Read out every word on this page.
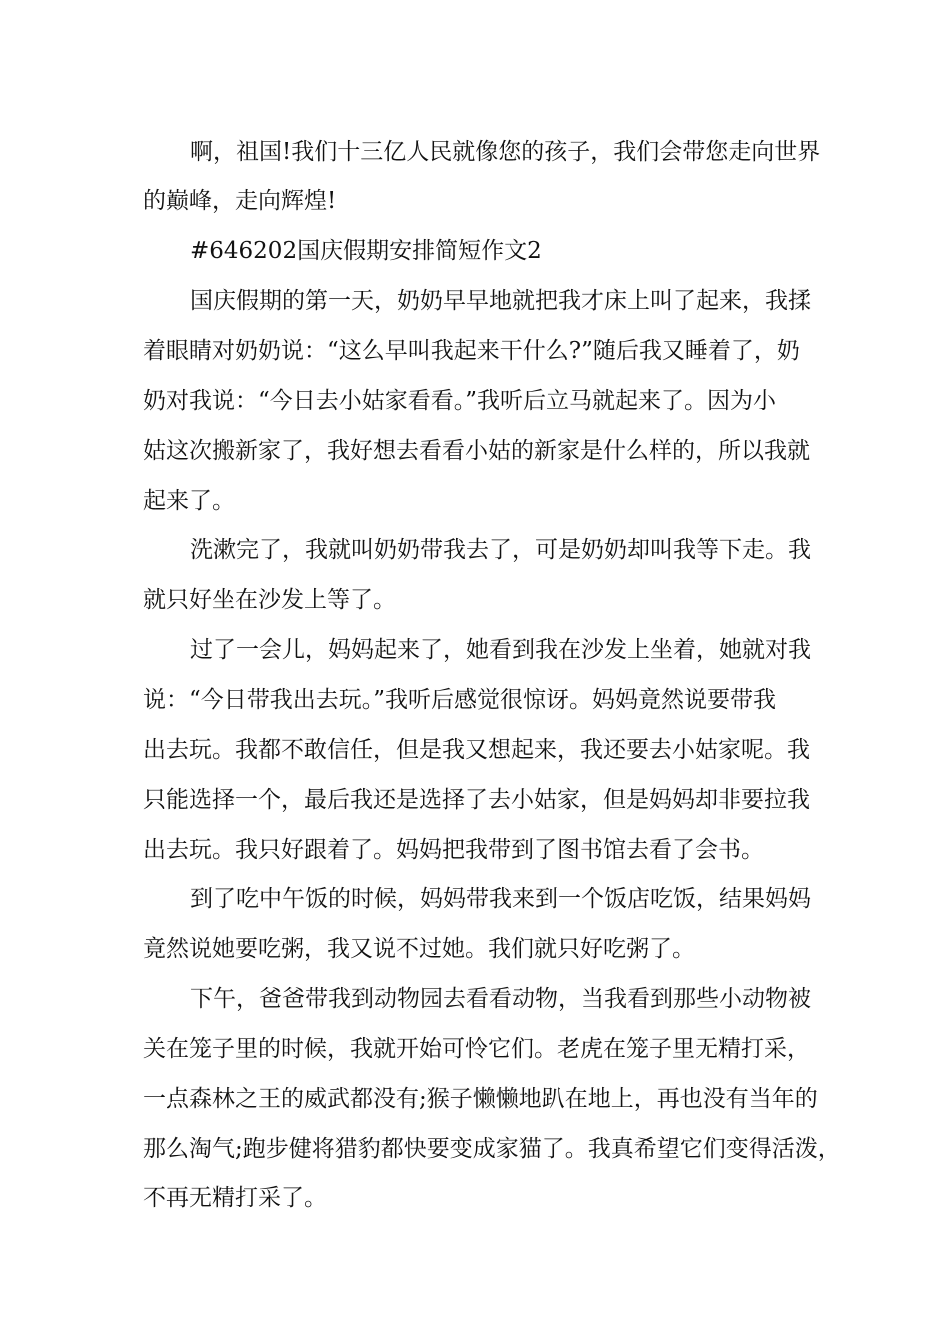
啊，祖国!我们十三亿人民就像您的孩子，我们会带您走向世界
的巅峰，走向辉煌!
#646202国庆假期安排简短作文2
国庆假期的第一天，奶奶早早地就把我才床上叫了起来，我揉
着眼睛对奶奶说：“这么早叫我起来干什么?”随后我又睡着了，奶
奶对我说：“今日去小姑家看看。”我听后立马就起来了。因为小
姑这次搬新家了，我好想去看看小姑的新家是什么样的，所以我就
起来了。
洗漱完了，我就叫奶奶带我去了，可是奶奶却叫我等下走。我
就只好坐在沙发上等了。
过了一会儿，妈妈起来了，她看到我在沙发上坐着，她就对我
说：“今日带我出去玩。”我听后感觉很惊讶。妈妈竟然说要带我
出去玩。我都不敢信任，但是我又想起来，我还要去小姑家呢。我
只能选择一个，最后我还是选择了去小姑家，但是妈妈却非要拉我
出去玩。我只好跟着了。妈妈把我带到了图书馆去看了会书。
到了吃中午饭的时候，妈妈带我来到一个饭店吃饭，结果妈妈
竟然说她要吃粥，我又说不过她。我们就只好吃粥了。
下午，爸爸带我到动物园去看看动物，当我看到那些小动物被
关在笼子里的时候，我就开始可怜它们。老虎在笼子里无精打采，
一点森林之王的威武都没有;猴子懒懒地趴在地上，再也没有当年的
那么淘气;跑步健将猎豹都快要变成家猫了。我真希望它们变得活泼，
不再无精打采了。
